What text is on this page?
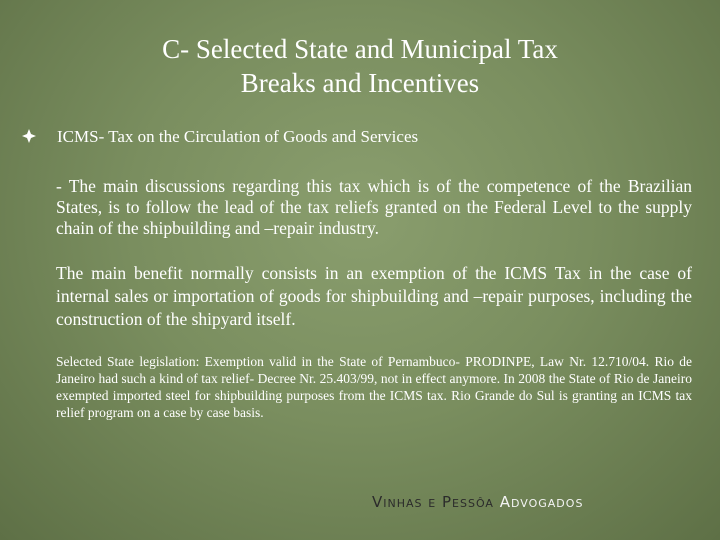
C- Selected State and Municipal Tax
Breaks and Incentives
ICMS- Tax on the Circulation of Goods and Services
- The main discussions regarding this tax which is of the competence of the Brazilian States, is to follow the lead of the tax reliefs granted on the Federal Level to the supply chain of the shipbuilding and –repair industry.
The main benefit normally consists in an exemption of the ICMS Tax in the case of internal sales or importation of goods for shipbuilding and –repair purposes, including the construction of the shipyard itself.
Selected State legislation: Exemption valid in the State of Pernambuco- PRODINPE, Law Nr. 12.710/04. Rio de Janeiro had such a kind of tax relief- Decree Nr. 25.403/99, not in effect anymore. In 2008 the State of Rio de Janeiro exempted imported steel for shipbuilding purposes from the ICMS tax. Rio Grande do Sul is granting an ICMS tax relief program on a case by case basis.
Vinhas e Pessôa Advogados
